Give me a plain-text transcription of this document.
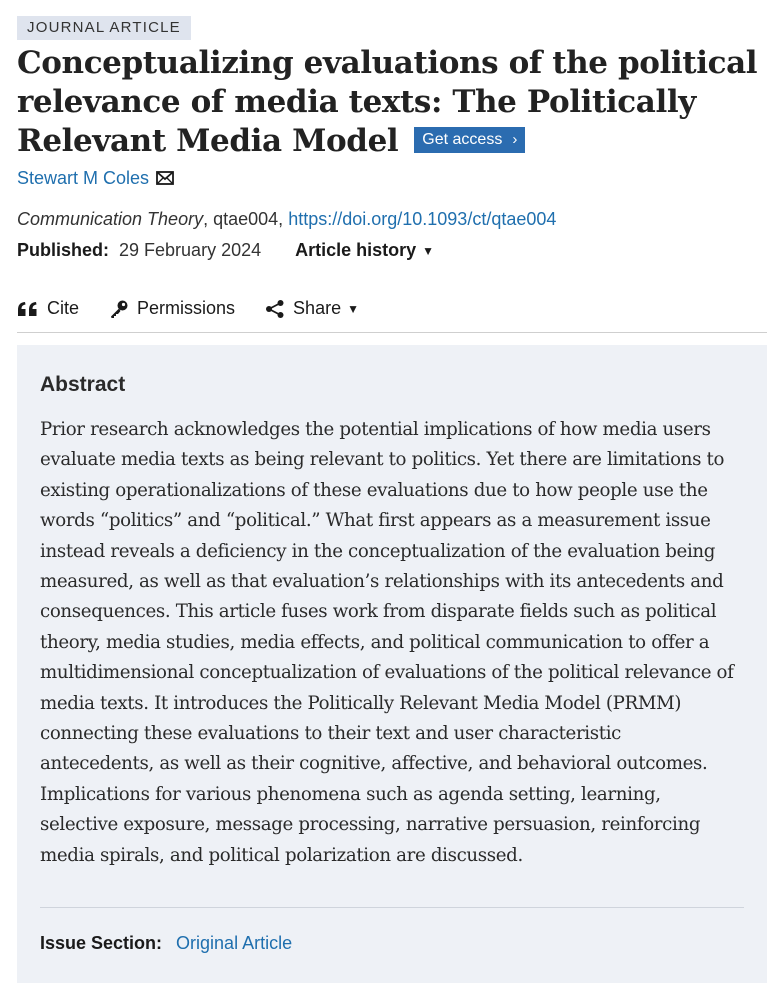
JOURNAL ARTICLE
Conceptualizing evaluations of the political relevance of media texts: The Politically Relevant Media Model Get access ›
Stewart M Coles
Communication Theory, qtae004, https://doi.org/10.1093/ct/qtae004
Published: 29 February 2024 Article history ▼
Cite	Permissions	Share ▼
Abstract

Prior research acknowledges the potential implications of how media users evaluate media texts as being relevant to politics. Yet there are limitations to existing operationalizations of these evaluations due to how people use the words “politics” and “political.” What first appears as a measurement issue instead reveals a deficiency in the conceptualization of the evaluation being measured, as well as that evaluation’s relationships with its antecedents and consequences. This article fuses work from disparate fields such as political theory, media studies, media effects, and political communication to offer a multidimensional conceptualization of evaluations of the political relevance of media texts. It introduces the Politically Relevant Media Model (PRMM) connecting these evaluations to their text and user characteristic antecedents, as well as their cognitive, affective, and behavioral outcomes. Implications for various phenomena such as agenda setting, learning, selective exposure, message processing, narrative persuasion, reinforcing media spirals, and political polarization are discussed.

Issue Section: Original Article
